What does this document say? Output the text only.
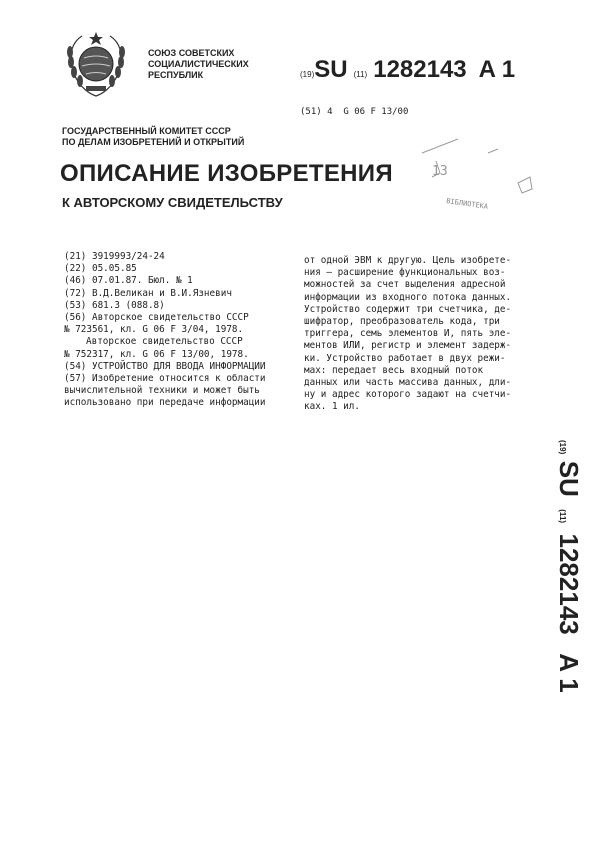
СОЮЗ СОВЕТСКИХ
СОЦИАЛИСТИЧЕСКИХ
РЕСПУБЛИК	(19)SU (11) 1282143 A 1
(51) 4 G 06 F 13/00
ГОСУДАРСТВЕННЫЙ КОМИТЕТ СССР
ПО ДЕЛАМ ИЗОБРЕТЕНИЙ И ОТКРЫТИЙ
ОПИСАНИЕ ИЗОБРЕТЕНИЯ
К АВТОРСКОМУ СВИДЕТЕЛЬСТВУ
13
BIБЛИОТЕКА
(21) 3919993/24-24
(22) 05.05.85
(46) 07.01.87. Бюл. № 1
(72) В.Д.Великан и В.И.Язневич
(53) 681.3 (088.8)
(56) Авторское свидетельство СССР
№ 723561, кл. G 06 F 3/04, 1978.
Авторское свидетельство СССР
№ 752317, кл. G 06 F 13/00, 1978.
(54) УСТРОЙСТВО ДЛЯ ВВОДА ИНФОРМАЦИИ
(57) Изобретение относится к области
вычислительной техники и может быть
использовано при передаче информации
от одной ЭВМ к другую. Цель изобрете-
ния — расширение функциональных воз-
можностей за счет выделения адресной
информации из входного потока данных.
Устройство содержит три счетчика, де-
шифратор, преобразователь кода, три
триггера, семь элементов И, пять эле-
ментов ИЛИ, регистр и элемент задерж-
ки. Устройство работает в двух режи-
мах: передает весь входный поток
данных или часть массива данных, дли-
ну и адрес которого задают на счетчи-
ках. 1 ил.
(19) SU (11) 1282143 A 1
